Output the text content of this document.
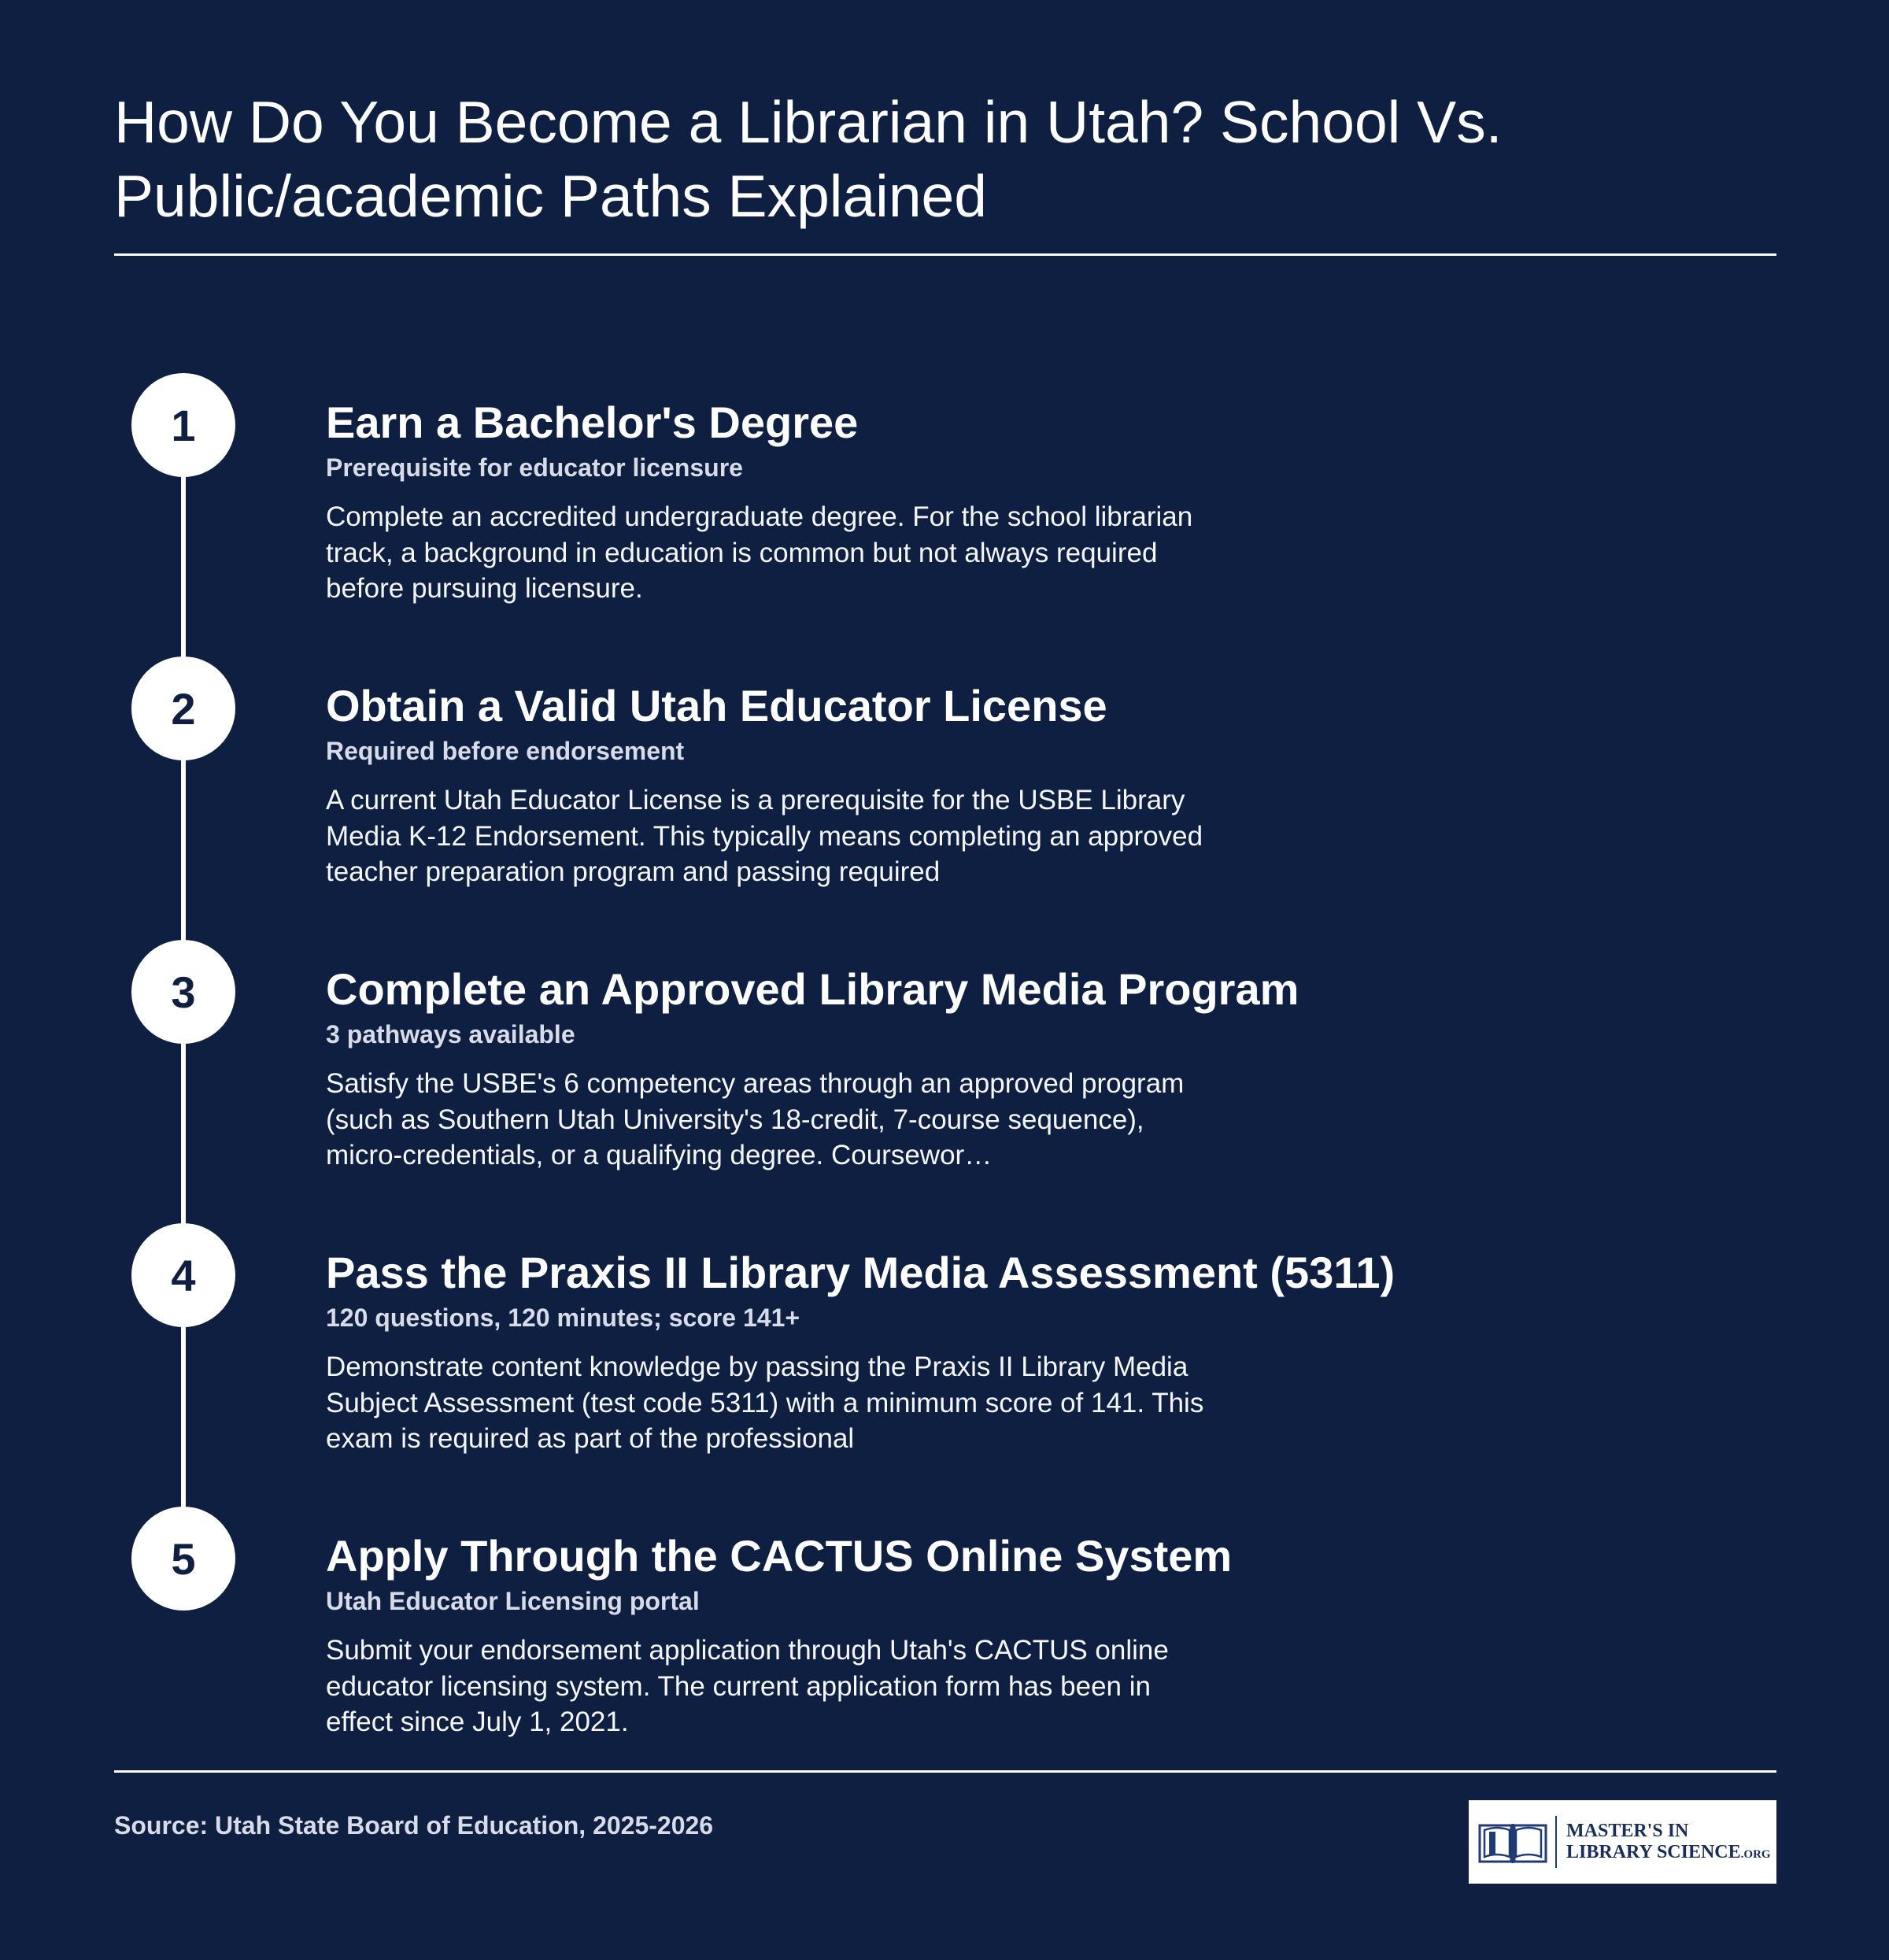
How Do You Become a Librarian in Utah? School Vs. Public/academic Paths Explained
1	Earn a Bachelor's Degree
Prerequisite for educator licensure
Complete an accredited undergraduate degree. For the school librarian track, a background in education is common but not always required before pursuing licensure.
2	Obtain a Valid Utah Educator License
Required before endorsement
A current Utah Educator License is a prerequisite for the USBE Library Media K-12 Endorsement. This typically means completing an approved teacher preparation program and passing required
3	Complete an Approved Library Media Program
3 pathways available
Satisfy the USBE's 6 competency areas through an approved program (such as Southern Utah University's 18-credit, 7-course sequence), micro-credentials, or a qualifying degree. Coursewor…
4	Pass the Praxis II Library Media Assessment (5311)
120 questions, 120 minutes; score 141+
Demonstrate content knowledge by passing the Praxis II Library Media Subject Assessment (test code 5311) with a minimum score of 141. This exam is required as part of the professional
5	Apply Through the CACTUS Online System
Utah Educator Licensing portal
Submit your endorsement application through Utah's CACTUS online educator licensing system. The current application form has been in effect since July 1, 2021.
Source: Utah State Board of Education, 2025-2026	MASTER'S IN
LIBRARY SCIENCE.ORG
